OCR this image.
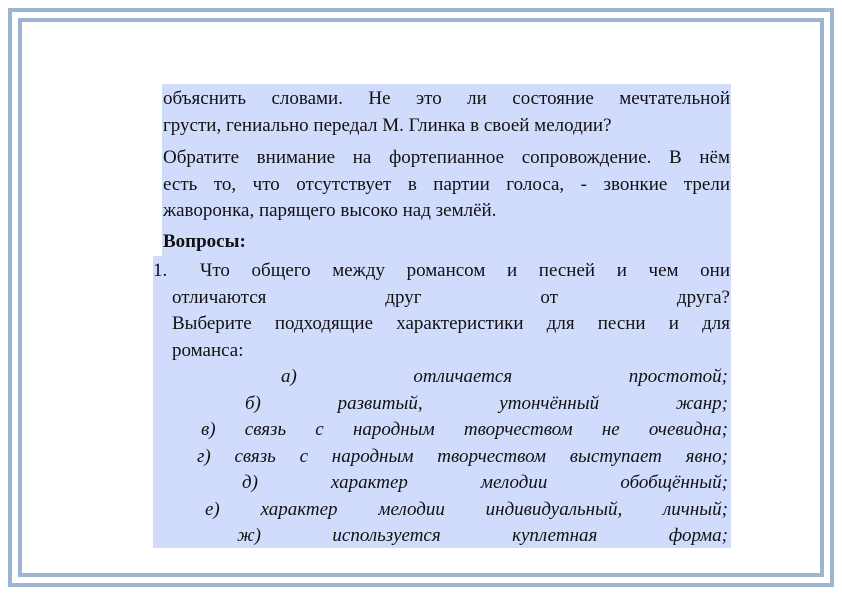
объяснить словами. Не это ли состояние мечтательной
грусти, гениально передал М. Глинка в своей мелодии?
Обратите внимание на фортепианное сопровождение. В нём
есть то, что отсутствует в партии голоса, - звонкие трели
жаворонка, парящего высоко над землёй.
Вопросы:
1. Что общего между романсом и песней и чем они
отличаются друг от друга?
Выберите подходящие характеристики для песни и для
романса:
а) отличается простотой;
б) развитый, утончённый жанр;
в) связь с народным творчеством не очевидна;
г) связь с народным творчеством выступает явно;
д) характер мелодии обобщённый;
е) характер мелодии индивидуальный, личный;
ж) используется куплетная форма;
